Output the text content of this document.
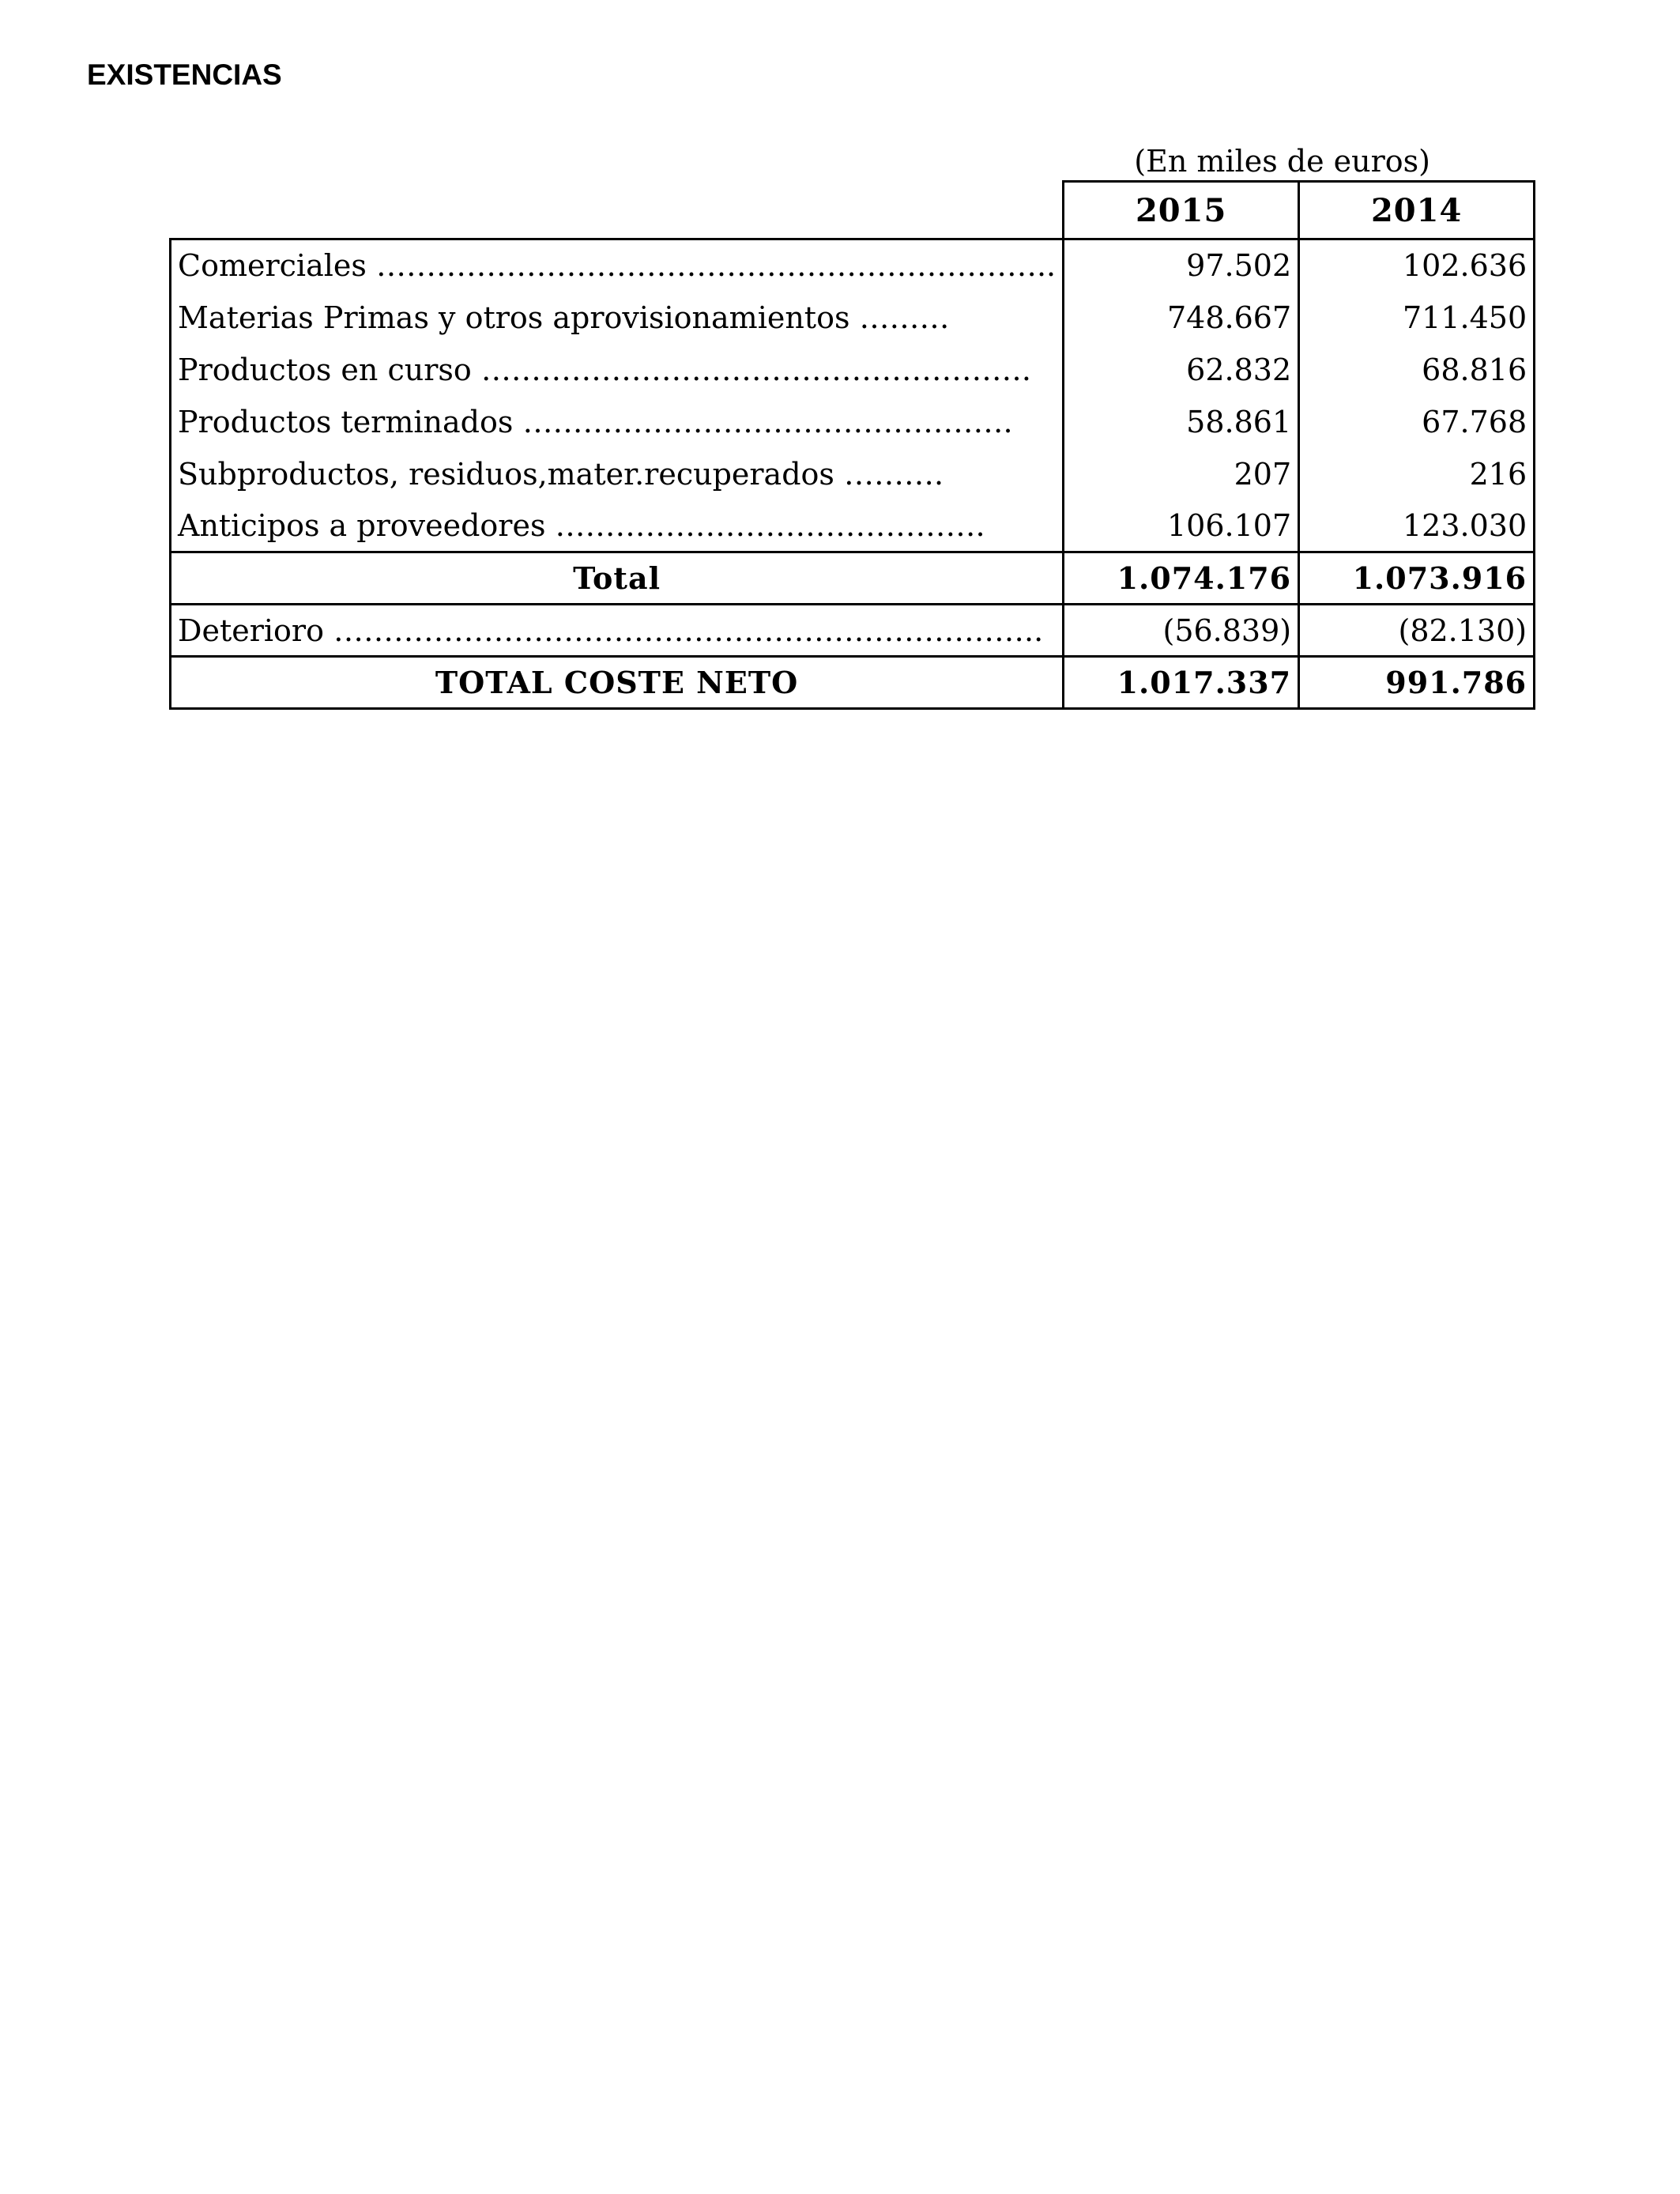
EXISTENCIAS
(En miles de euros)
	2015	2014
Comerciales …………………………………………………………..	97.502	102.636
Materias Primas y otros aprovisionamientos ………	748.667	711.450
Productos en curso ……………………………………………….	62.832	68.816
Productos terminados ………………………………………….	58.861	67.768
Subproductos, residuos,mater.recuperados ……….	207	216
Anticipos a proveedores …………………………………….	106.107	123.030
Total	1.074.176	1.073.916
Deterioro ……………………………………………………………..	(56.839)	(82.130)
TOTAL COSTE NETO	1.017.337	991.786
